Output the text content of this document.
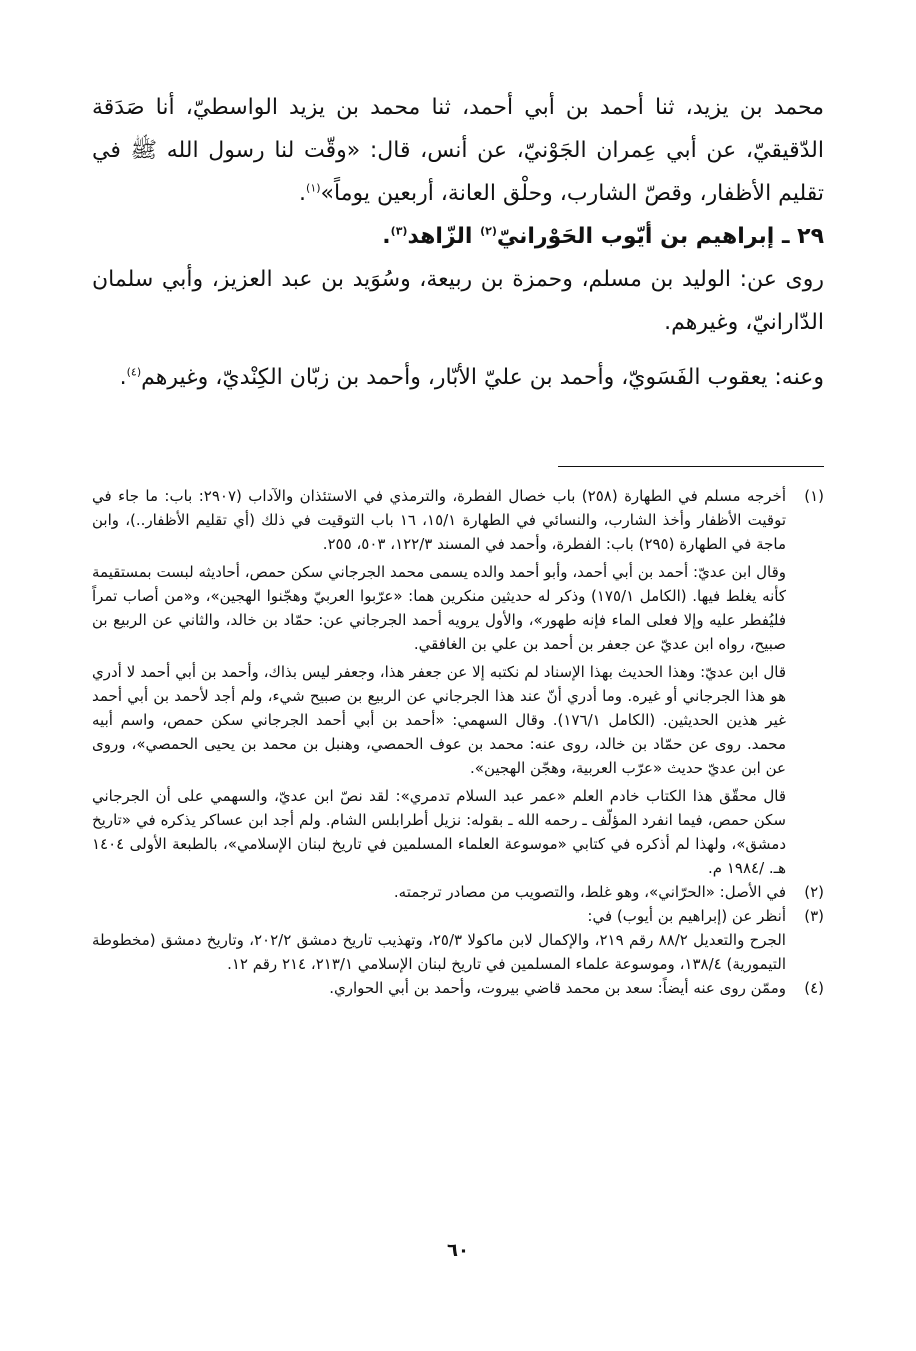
محمد بن يزيد، ثنا أحمد بن أبي أحمد، ثنا محمد بن يزيد الواسطيّ، أنا صَدَقة الدّقيقيّ، عن أبي عِمران الجَوْنيّ، عن أنس، قال: «وقّت لنا رسول الله ﷺ في تقليم الأظفار، وقصّ الشارب، وحلْق العانة، أربعين يوماً»$^{(١)}$.

٢٩ ـ إبراهيم بن أيّوب الحَوْرانيّ$^{(٢)}$ الزّاهد$^{(٣)}$.

روى عن: الوليد بن مسلم، وحمزة بن ربيعة، وسُوَيد بن عبد العزيز، وأبي سلمان الدّارانيّ، وغيرهم.

وعنه: يعقوب الفَسَويّ، وأحمد بن عليّ الأبّار، وأحمد بن زبّان الكِنْديّ، وغيرهم$^{(٤)}$.

(١)

أخرجه مسلم في الطهارة (٢٥٨) باب خصال الفطرة، والترمذي في الاستئذان والآداب (٢٩٠٧: باب: ما جاء في توقيت الأظفار وأخذ الشارب، والنسائي في الطهارة ١٥/١، ١٦ باب التوقيت في ذلك (أي تقليم الأظفار..)، وابن ماجة في الطهارة (٢٩٥) باب: الفطرة، وأحمد في المسند ١٢٢/٣، ٥٠٣، ٢٥٥.

وقال ابن عديّ: أحمد بن أبي أحمد، وأبو أحمد والده يسمى محمد الجرجاني سكن حمص، أحاديثه لبست بمستقيمة كأنه يغلط فيها. (الكامل ١٧٥/١) وذكر له حديثين منكرين هما: «عرّبوا العربيّ وهجّنوا الهجين»، و«من أصاب تمراً فليُفطر عليه وإلا فعلى الماء فإنه طهور»، والأول يرويه أحمد الجرجاني عن: حمّاد بن خالد، والثاني عن الربيع بن صبيح، رواه ابن عديّ عن جعفر بن أحمد بن علي بن الغافقي.

قال ابن عديّ: وهذا الحديث بهذا الإسناد لم نكتبه إلا عن جعفر هذا، وجعفر ليس بذاك، وأحمد بن أبي أحمد لا أدري هو هذا الجرجاني أو غيره. وما أدري أنّ عند هذا الجرجاني عن الربيع بن صبيح شيء، ولم أجد لأحمد بن أبي أحمد غير هذين الحديثين. (الكامل ١٧٦/١). وقال السهمي: «أحمد بن أبي أحمد الجرجاني سكن حمص، واسم أبيه محمد. روى عن حمّاد بن خالد، روى عنه: محمد بن عوف الحمصي، وهنبل بن محمد بن يحيى الحمصي»، وروى عن ابن عديّ حديث «عرّب العربية، وهجّن الهجين».

قال محقّق هذا الكتاب خادم العلم «عمر عبد السلام تدمري»: لقد نصّ ابن عديّ، والسهمي على أن الجرجاني سكن حمص، فيما انفرد المؤلّف ـ رحمه الله ـ بقوله: نزيل أطرابلس الشام. ولم أجد ابن عساكر يذكره في «تاريخ دمشق»، ولهذا لم أذكره في كتابي «موسوعة العلماء المسلمين في تاريخ لبنان الإسلامي»، بالطبعة الأولى ١٤٠٤ هـ. /١٩٨٤ م.

(٢)

في الأصل: «الحرّاني»، وهو غلط، والتصويب من مصادر ترجمته.

(٣)

أنظر عن (إبراهيم بن أيوب) في:

الجرح والتعديل ٨٨/٢ رقم ٢١٩، والإكمال لابن ماكولا ٢٥/٣، وتهذيب تاريخ دمشق ٢٠٢/٢، وتاريخ دمشق (مخطوطة التيمورية) ١٣٨/٤، وموسوعة علماء المسلمين في تاريخ لبنان الإسلامي ٢١٣/١، ٢١٤ رقم ١٢.

(٤)

وممّن روى عنه أيضاً: سعد بن محمد قاضي بيروت، وأحمد بن أبي الحواري.

٦٠
